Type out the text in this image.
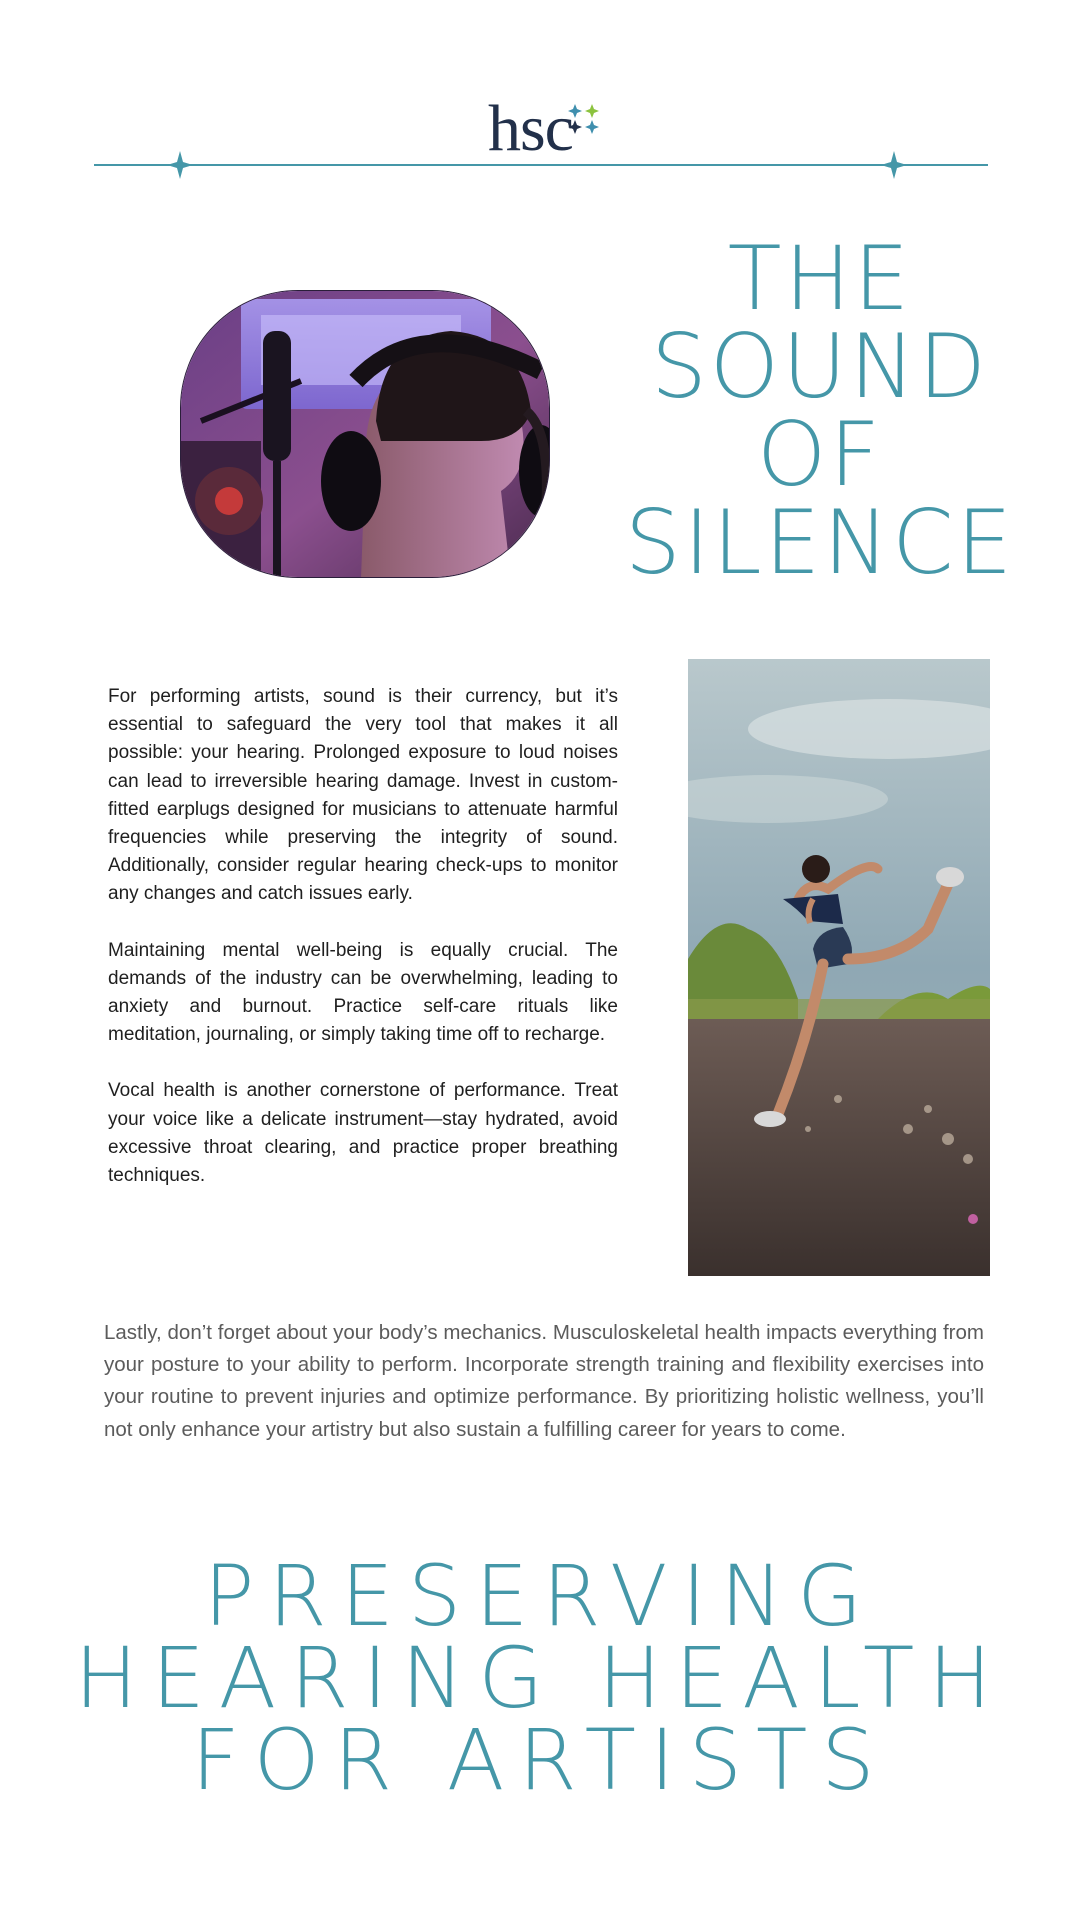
hsc
THE
SOUND
OF
SILENCE

For performing artists, sound is their currency, but it’s essential to safeguard the very tool that makes it all possible: your hearing. Prolonged exposure to loud noises can lead to irreversible hearing damage. Invest in custom-fitted earplugs designed for musicians to attenuate harmful frequencies while preserving the integrity of sound. Additionally, consider regular hearing check-ups to monitor any changes and catch issues early.

Maintaining mental well-being is equally crucial. The demands of the industry can be overwhelming, leading to anxiety and burnout. Practice self-care rituals like meditation, journaling, or simply taking time off to recharge.

Vocal health is another cornerstone of performance. Treat your voice like a delicate instrument—stay hydrated, avoid excessive throat clearing, and practice proper breathing techniques.

Lastly, don’t forget about your body’s mechanics. Musculoskeletal health impacts everything from your posture to your ability to perform. Incorporate strength training and flexibility exercises into your routine to prevent injuries and optimize performance. By prioritizing holistic wellness, you’ll not only enhance your artistry but also sustain a fulfilling career for years to come.

PRESERVING
HEARING HEALTH
FOR ARTISTS
